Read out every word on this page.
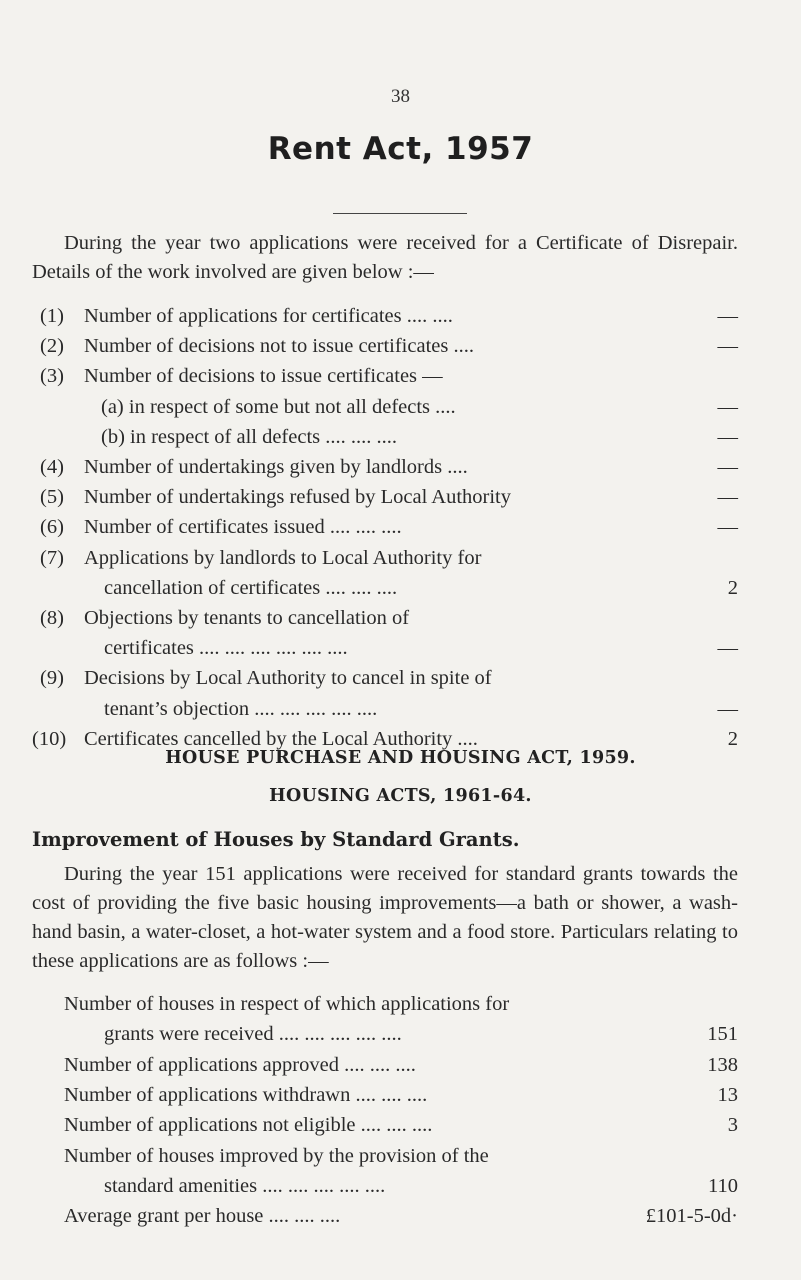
38
Rent Act, 1957

During the year two applications were received for a Certificate of Disrepair. Details of the work involved are given below :—

(1) Number of applications for certificates .... ....	—
(2) Number of decisions not to issue certificates ....	—
(3) Number of decisions to issue certificates —
(a) in respect of some but not all defects ....	—
(b) in respect of all defects .... .... ....	—
(4) Number of undertakings given by landlords ....	—
(5) Number of undertakings refused by Local Authority	—
(6) Number of certificates issued .... .... ....	—
(7) Applications by landlords to Local Authority for
cancellation of certificates .... .... ....	2
(8) Objections by tenants to cancellation of
certificates .... .... .... .... .... ....	—
(9) Decisions by Local Authority to cancel in spite of
tenant’s objection .... .... .... .... ....	—
(10) Certificates cancelled by the Local Authority ....	2
HOUSE PURCHASE AND HOUSING ACT, 1959.
HOUSING ACTS, 1961-64.
Improvement of Houses by Standard Grants.

During the year 151 applications were received for standard grants towards the cost of providing the five basic housing improvements—a bath or shower, a wash-hand basin, a water-closet, a hot-water system and a food store. Particulars relating to these applications are as follows :—

Number of houses in respect of which applications for
grants were received .... .... .... .... ....	151
Number of applications approved .... .... ....	138
Number of applications withdrawn .... .... ....	13
Number of applications not eligible .... .... ....	3
Number of houses improved by the provision of the
standard amenities .... .... .... .... ....	110
Average grant per house .... .... ....	£101-5-0d·
